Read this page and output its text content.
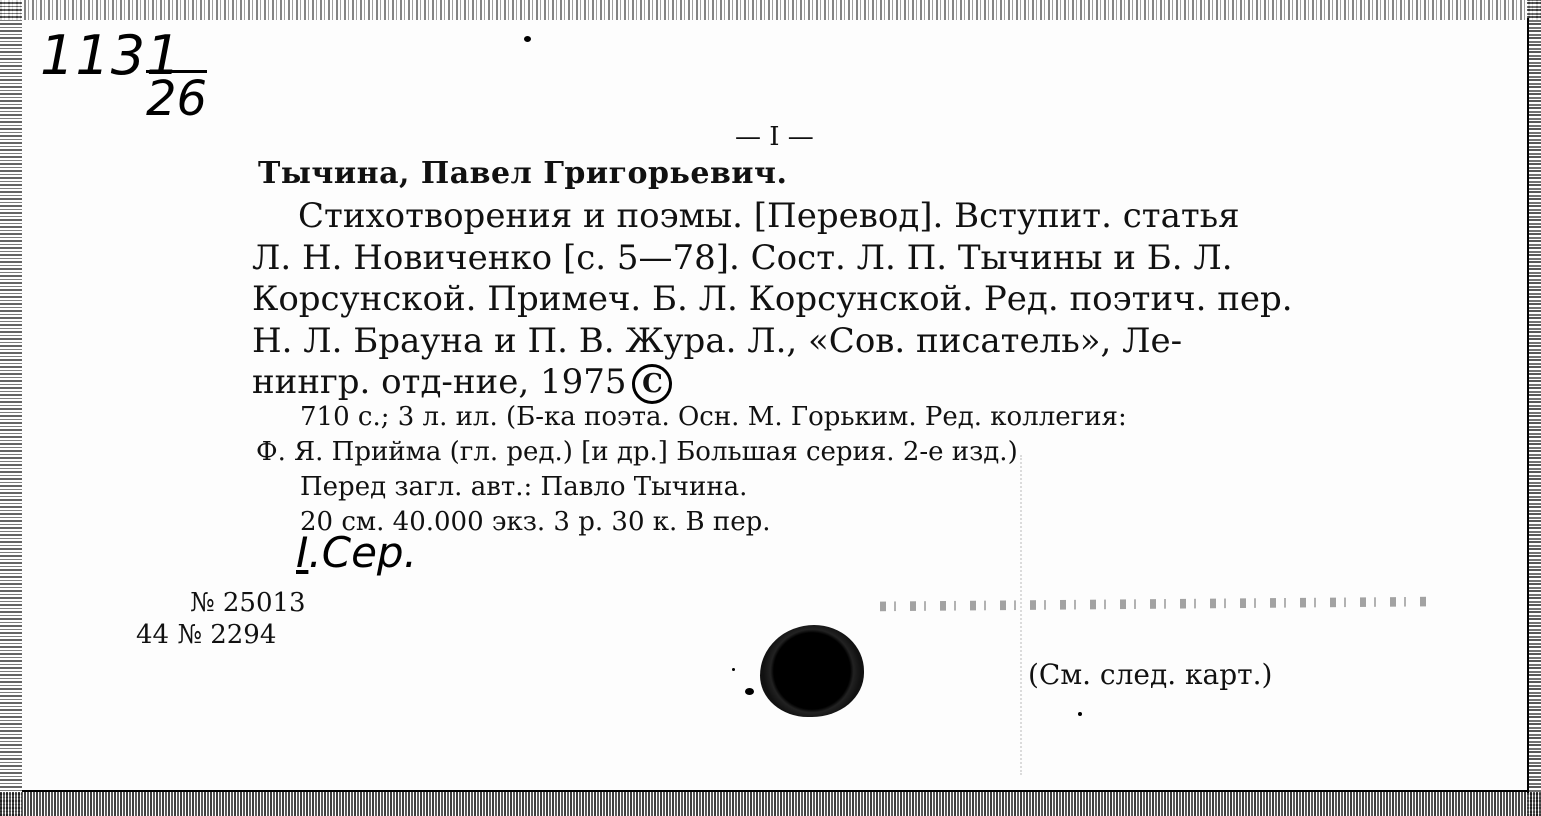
1131
26
— I —
Тычина, Павел Григорьевич.
Стихотворения и поэмы. [Перевод]. Вступит. статья
Л. Н. Новиченко [с. 5—78]. Сост. Л. П. Тычины и Б. Л.
Корсунской. Примеч. Б. Л. Корсунской. Ред. поэтич. пер.
Н. Л. Брауна и П. В. Жура. Л., «Сов. писатель», Ле-
нингр. отд-ние, 1975 C
710 с.; 3 л. ил. (Б-ка поэта. Осн. М. Горьким. Ред. коллегия:
Ф. Я. Прийма (гл. ред.) [и др.] Большая серия. 2-е изд.)
Перед загл. авт.: Павло Тычина.
20 см. 40.000 экз. 3 р. 30 к. В пер.
I.Сер.
№ 25013
44 № 2294
(См. след. карт.)
